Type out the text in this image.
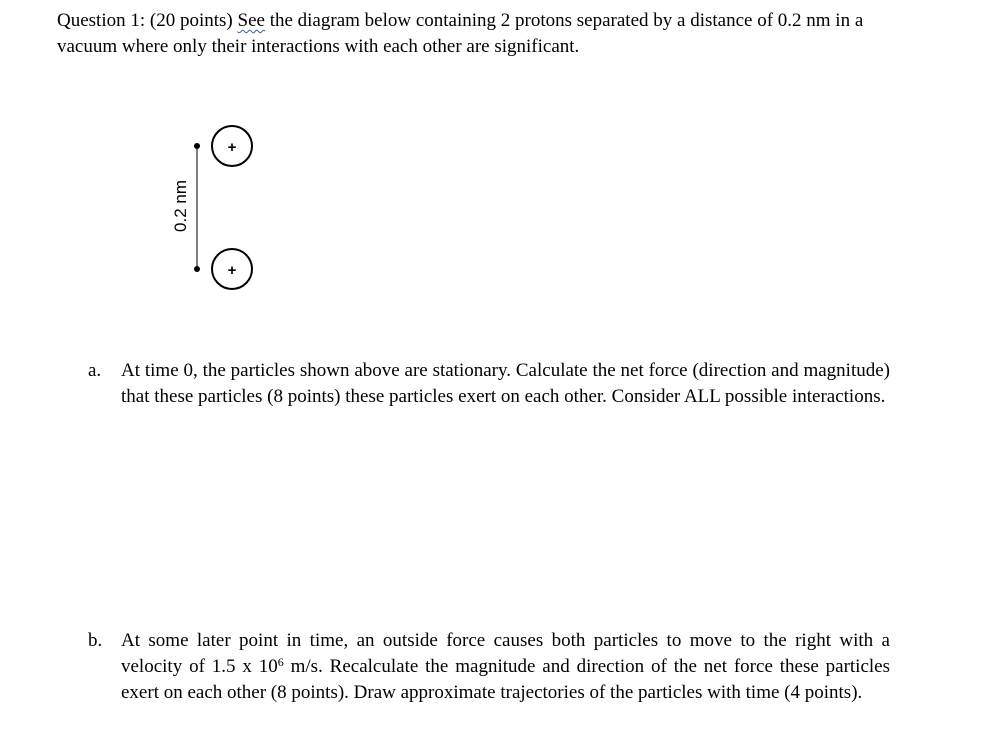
Question 1: (20 points) See the diagram below containing 2 protons separated by a distance of 0.2 nm in a vacuum where only their interactions with each other are significant.

0.2 nm
+
+
a. At time 0, the particles shown above are stationary. Calculate the net force (direction and magnitude) that these particles (8 points) these particles exert on each other. Consider ALL possible interactions.
b. At some later point in time, an outside force causes both particles to move to the right with a velocity of 1.5 x $10^6$ m/s. Recalculate the magnitude and direction of the net force these particles exert on each other (8 points). Draw approximate trajectories of the particles with time (4 points).
